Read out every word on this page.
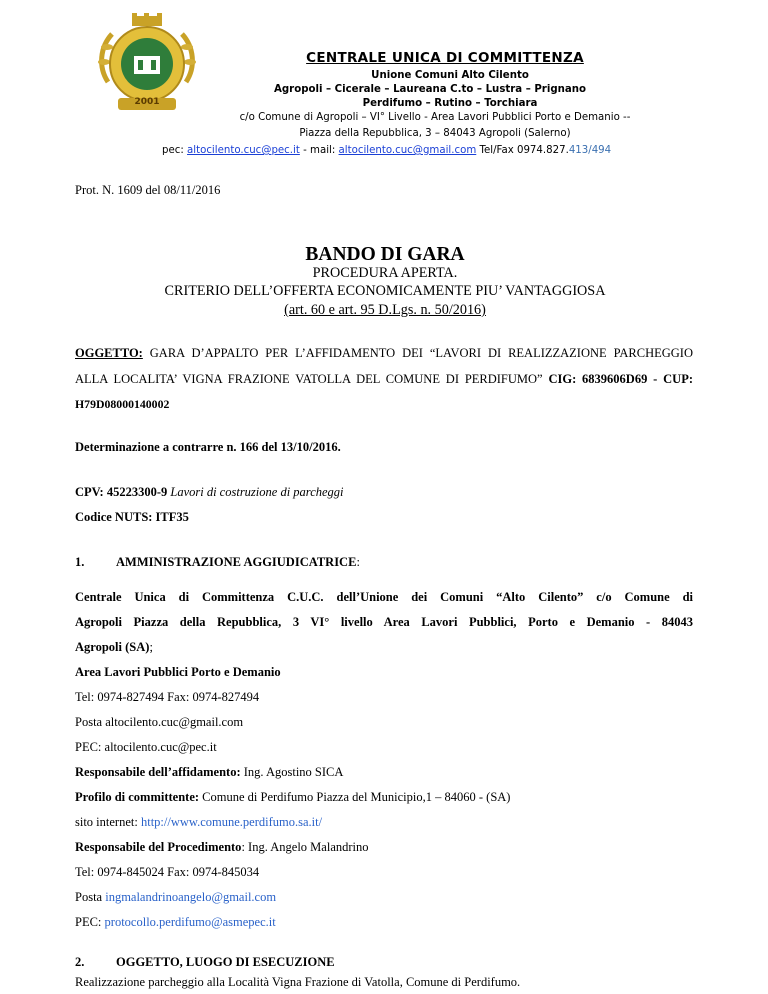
2001
CENTRALE UNICA DI COMMITTENZA
Unione Comuni Alto Cilento
Agropoli – Cicerale – Laureana C.to – Lustra – Prignano
Perdifumo – Rutino – Torchiara
c/o Comune di Agropoli – VI° Livello - Area Lavori Pubblici Porto e Demanio --
Piazza della Repubblica, 3 – 84043 Agropoli (Salerno)
pec: altocilento.cuc@pec.it - mail: altocilento.cuc@gmail.com Tel/Fax 0974.827.413/494
Prot. N. 1609 del 08/11/2016
BANDO DI GARA
PROCEDURA APERTA.
CRITERIO DELL’OFFERTA ECONOMICAMENTE PIU’ VANTAGGIOSA
(art. 60 e art. 95 D.Lgs. n. 50/2016)
OGGETTO: GARA D’APPALTO PER L’AFFIDAMENTO DEI “LAVORI DI REALIZZAZIONE PARCHEGGIO
ALLA LOCALITA’ VIGNA FRAZIONE VATOLLA DEL COMUNE DI PERDIFUMO” CIG: 6839606D69 - CUP:
H79D08000140002
Determinazione a contrarre n. 166 del 13/10/2016.
CPV: 45223300-9 Lavori di costruzione di parcheggi
Codice NUTS: ITF35
1.	AMMINISTRAZIONE AGGIUDICATRICE:
Centrale Unica di Committenza C.U.C. dell’Unione dei Comuni “Alto Cilento” c/o Comune di
Agropoli Piazza della Repubblica, 3 VI° livello Area Lavori Pubblici, Porto e Demanio - 84043
Agropoli (SA);
Area Lavori Pubblici Porto e Demanio
Tel: 0974-827494 Fax: 0974-827494
Posta altocilento.cuc@gmail.com
PEC: altocilento.cuc@pec.it
Responsabile dell’affidamento: Ing. Agostino SICA
Profilo di committente: Comune di Perdifumo Piazza del Municipio,1 – 84060 - (SA)
sito internet: http://www.comune.perdifumo.sa.it/
Responsabile del Procedimento: Ing. Angelo Malandrino
Tel: 0974-845024 Fax: 0974-845034
Posta ingmalandrinoangelo@gmail.com
PEC: protocollo.perdifumo@asmepec.it
2.	OGGETTO, LUOGO DI ESECUZIONE
Realizzazione parcheggio alla Località Vigna Frazione di Vatolla, Comune di Perdifumo.
